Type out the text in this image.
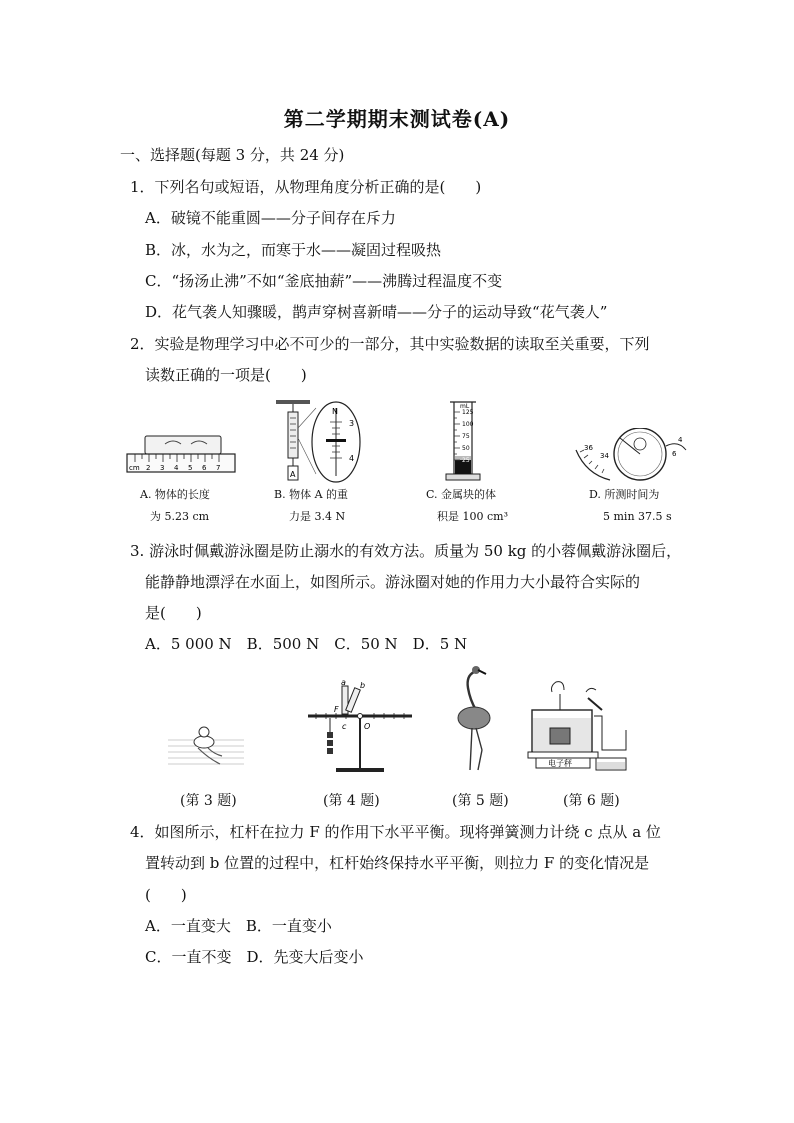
第二学期期末测试卷(A)
一、选择题(每题 3 分，共 24 分)
1．下列名句或短语，从物理角度分析正确的是(　　)
A．破镜不能重圆——分子间存在斥力
B．冰，水为之，而寒于水——凝固过程吸热
C．“扬汤止沸”不如“釜底抽薪”——沸腾过程温度不变
D．花气袭人知骤暖，鹊声穿树喜新晴——分子的运动导致“花气袭人”
2．实验是物理学习中必不可少的一部分，其中实验数据的读取至关重要，下列
读数正确的一项是(　　)
cm 2 3 4 5 6 7
A. 物体的长度
为 5.23 cm
A
N
3
4
B. 物体 A 的重
力是 3.4 N
mL
125
100
75
50
25
C. 金属块的体
积是 100 cm³
36
34
4
6
D. 所测时间为
5 min 37.5 s
3. 游泳时佩戴游泳圈是防止溺水的有效方法。质量为 50 kg 的小蓉佩戴游泳圈后，
能静静地漂浮在水面上，如图所示。游泳圈对她的作用力大小最符合实际的
是(　　)
A．5 000 N　B．500 N　C．50 N　D．5 N
a b
F
c O
电子秤
(第 3 题)	(第 4 题)	(第 5 题)	(第 6 题)
4．如图所示，杠杆在拉力 F 的作用下水平平衡。现将弹簧测力计绕 c 点从 a 位
置转动到 b 位置的过程中，杠杆始终保持水平平衡，则拉力 F 的变化情况是
(　　)
A．一直变大　B．一直变小
C．一直不变　D．先变大后变小
